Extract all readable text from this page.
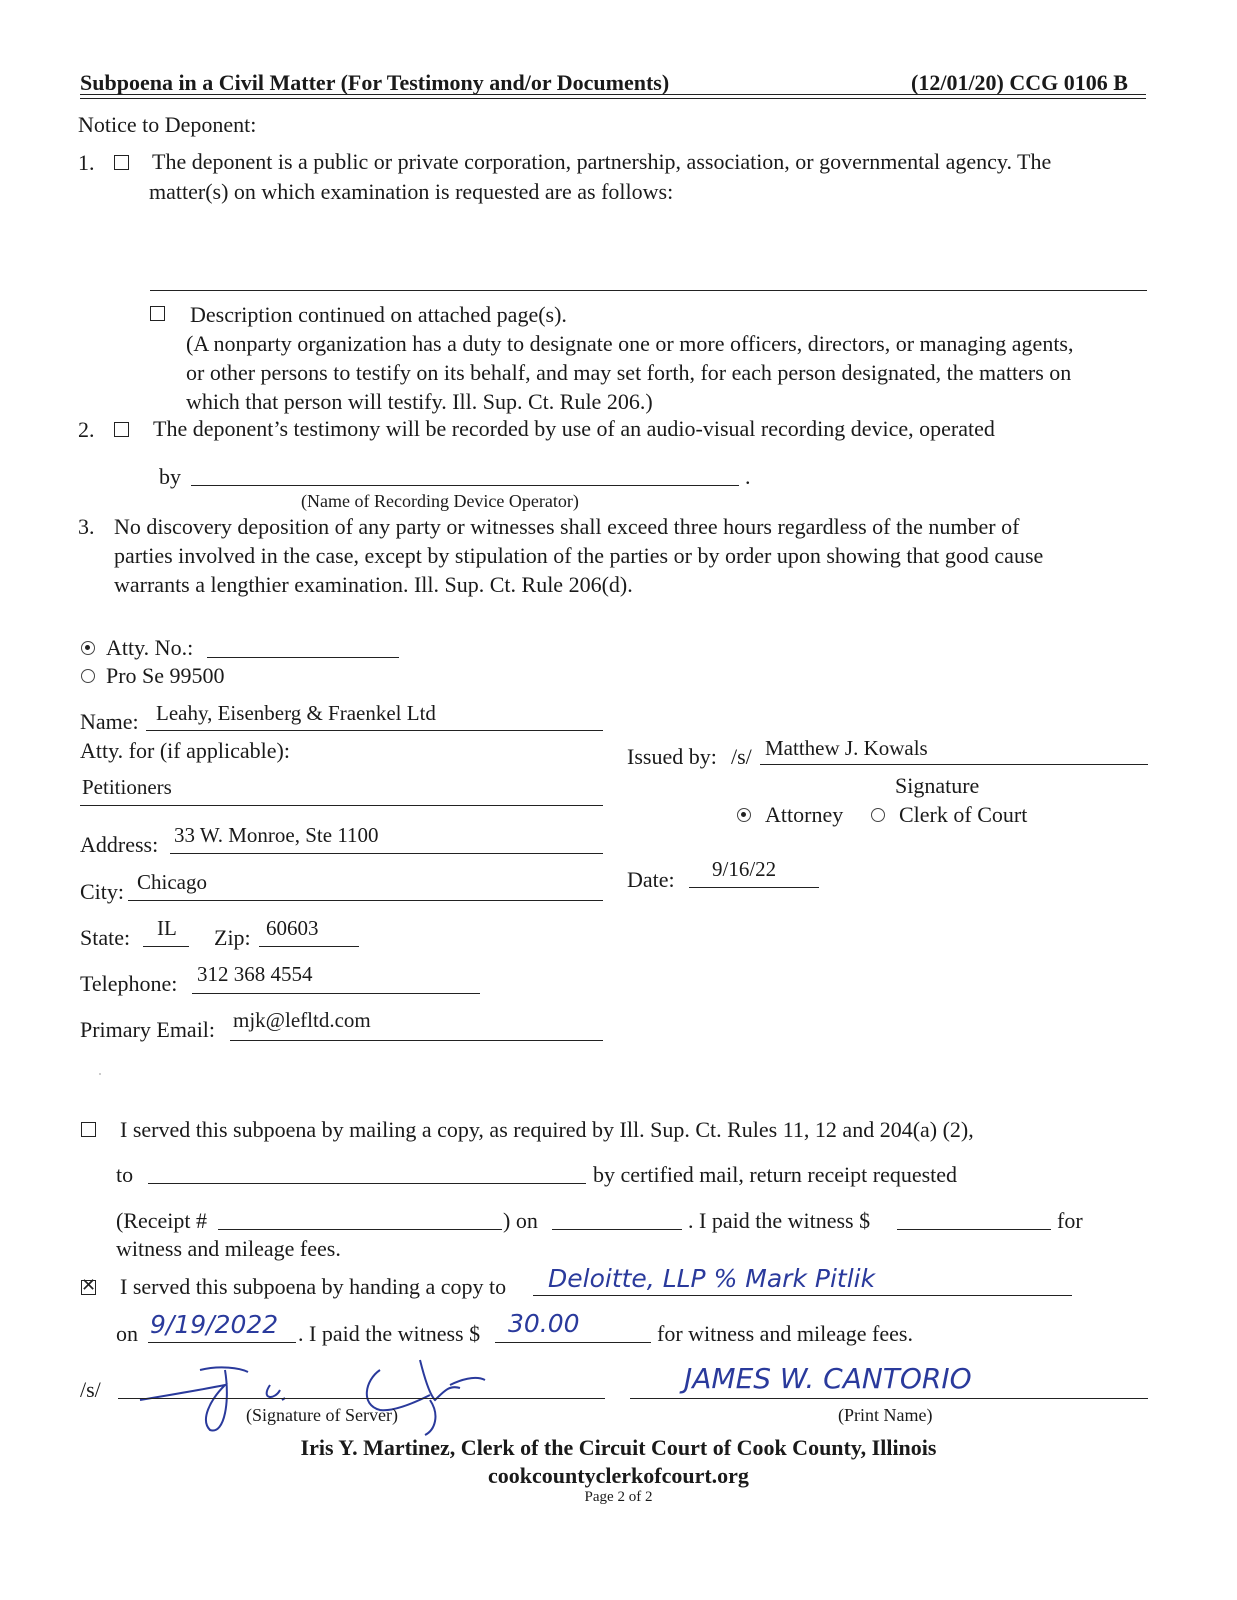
Subpoena in a Civil Matter (For Testimony and/or Documents)	(12/01/20) CCG 0106 B
Notice to Deponent:
1.	The deponent is a public or private corporation, partnership, association, or governmental agency. The
matter(s) on which examination is requested are as follows:
Description continued on attached page(s).
(A nonparty organization has a duty to designate one or more officers, directors, or managing agents,
or other persons to testify on its behalf, and may set forth, for each person designated, the matters on
which that person will testify. Ill. Sup. Ct. Rule 206.)
2.	The deponent’s testimony will be recorded by use of an audio-visual recording device, operated
by	.
(Name of Recording Device Operator)
3. No discovery deposition of any party or witnesses shall exceed three hours regardless of the number of
parties involved in the case, except by stipulation of the parties or by order upon showing that good cause
warrants a lengthier examination. Ill. Sup. Ct. Rule 206(d).
Atty. No.:
Pro Se 99500
Name: Leahy, Eisenberg & Fraenkel Ltd
Atty. for (if applicable):
Petitioners
Address: 33 W. Monroe, Ste 1100
City: Chicago
State: IL Zip: 60603
Telephone: 312 368 4554
Primary Email: mjk@lefltd.com
Issued by: /s/ Matthew J. Kowals
Signature
Attorney	Clerk of Court
Date: 9/16/22
I served this subpoena by mailing a copy, as required by Ill. Sup. Ct. Rules 11, 12 and 204(a) (2),
to	by certified mail, return receipt requested
(Receipt #	) on	. I paid the witness $	for
witness and mileage fees.
✕
I served this subpoena by handing a copy to Deloitte, LLP % Mark Pitlik
on 9/19/2022 . I paid the witness $ 30.00	for witness and mileage fees.
/s/
(Signature of Server)
JAMES W. CANTORIO
(Print Name)
Iris Y. Martinez, Clerk of the Circuit Court of Cook County, Illinois
cookcountyclerkofcourt.org
Page 2 of 2
